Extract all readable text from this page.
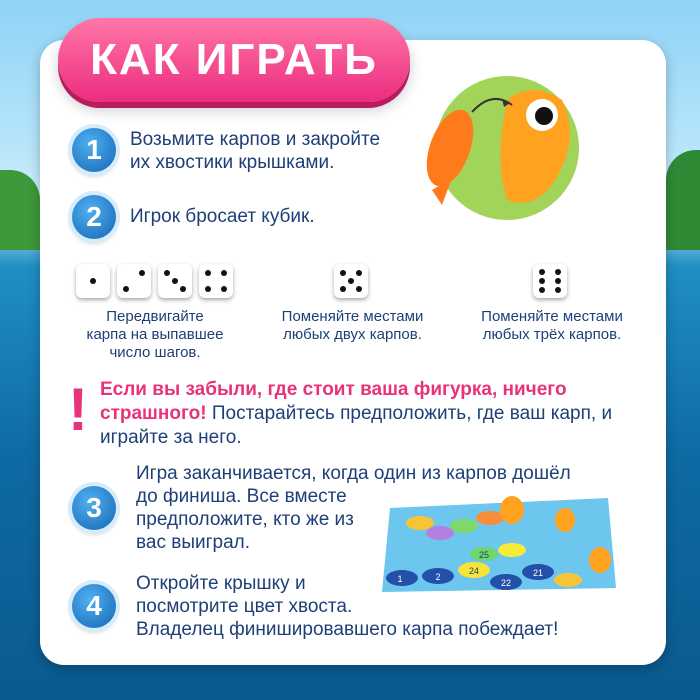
КАК ИГРАТЬ
1	Возьмите карпов и закройте
их хвостики крышками.
2	Игрок бросает кубик.
Передвигайте
карпа на выпавшее
число шагов.
Поменяйте местами
любых двух карпов.
Поменяйте местами
любых трёх карпов.
! Если вы забыли, где стоит ваша фигурка, ничего страшного! Постарайтесь предположить, где ваш карп, и играйте за него.
3
Игра заканчивается, когда один из карпов дошёл
до финиша. Все вместе
предположите, кто же из
вас выиграл.
1	2
22
24	21
25
4
Откройте крышку и
посмотрите цвет хвоста.
Владелец финишировавшего карпа побеждает!
